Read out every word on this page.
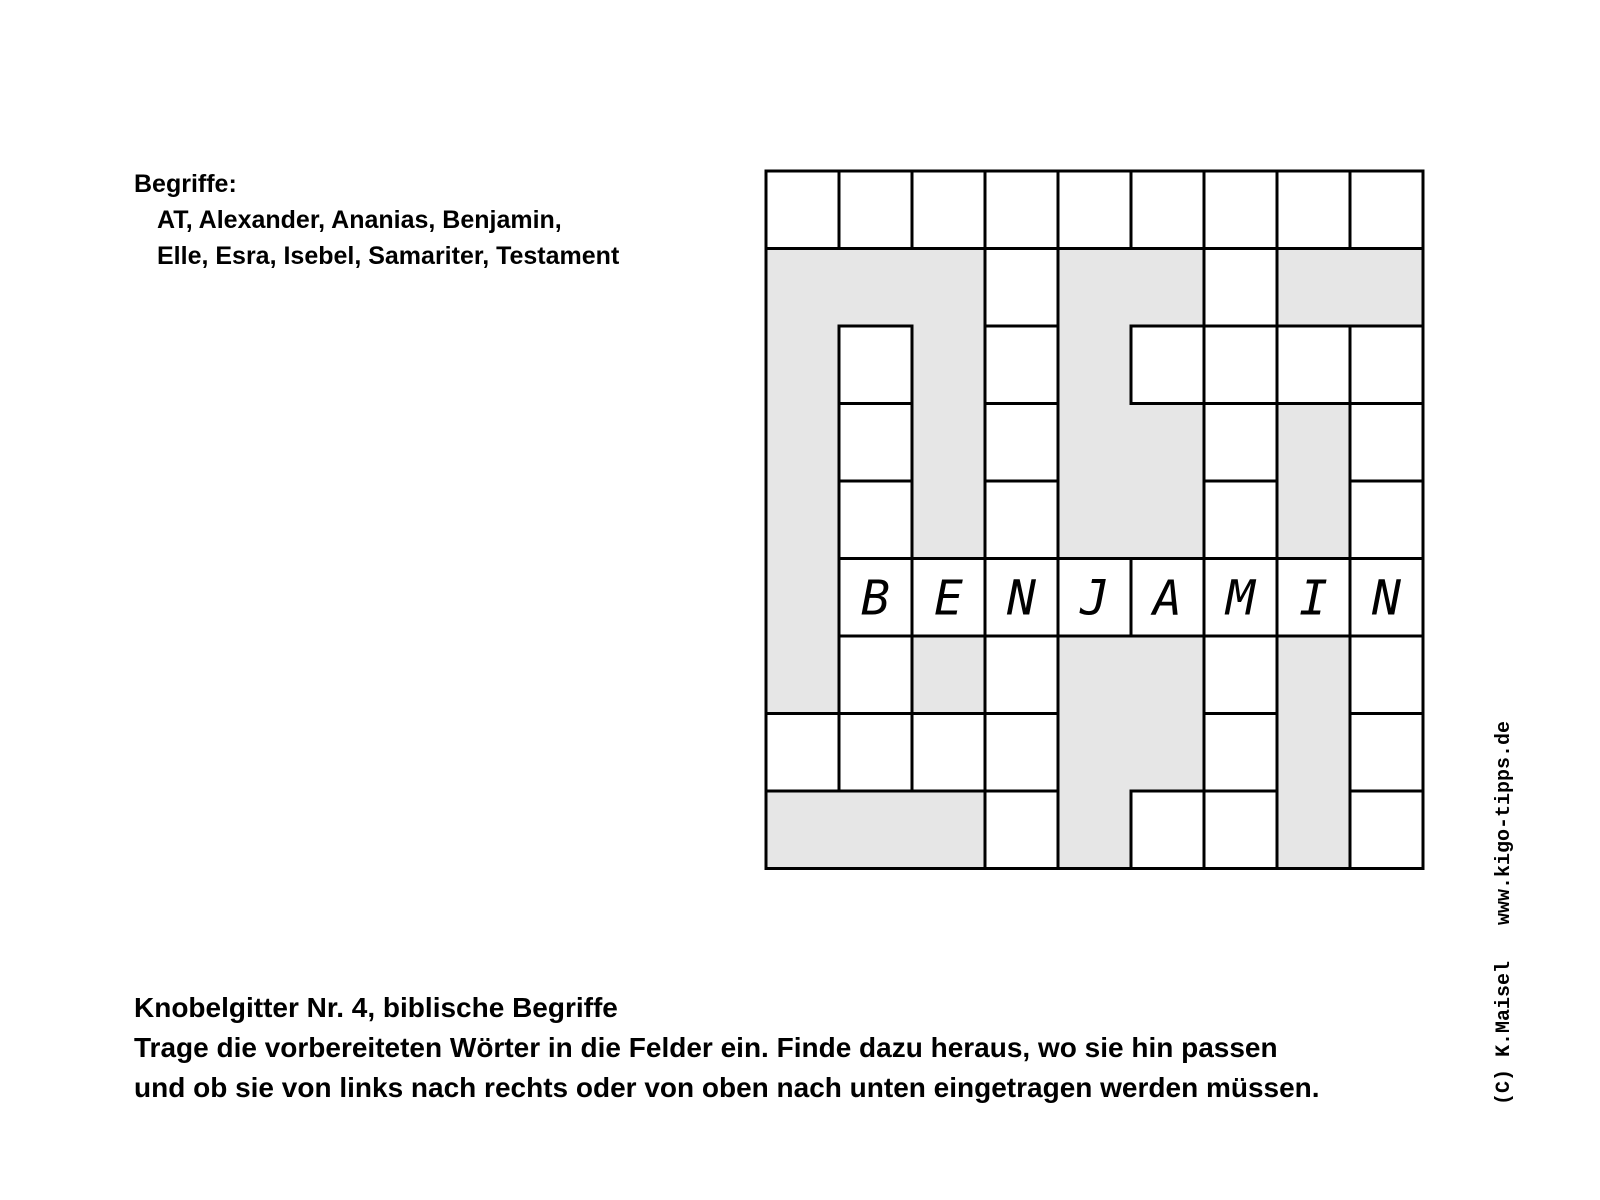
Begriffe:
AT, Alexander, Ananias, Benjamin,
Elle, Esra, Isebel, Samariter, Testament
B E N J A M I N
Knobelgitter Nr. 4, biblische Begriffe
Trage die vorbereiteten Wörter in die Felder ein. Finde dazu heraus, wo sie hin passen
und ob sie von links nach rechts oder von oben nach unten eingetragen werden müssen.	(C) K.Maisel   www.kigo-tipps.de
